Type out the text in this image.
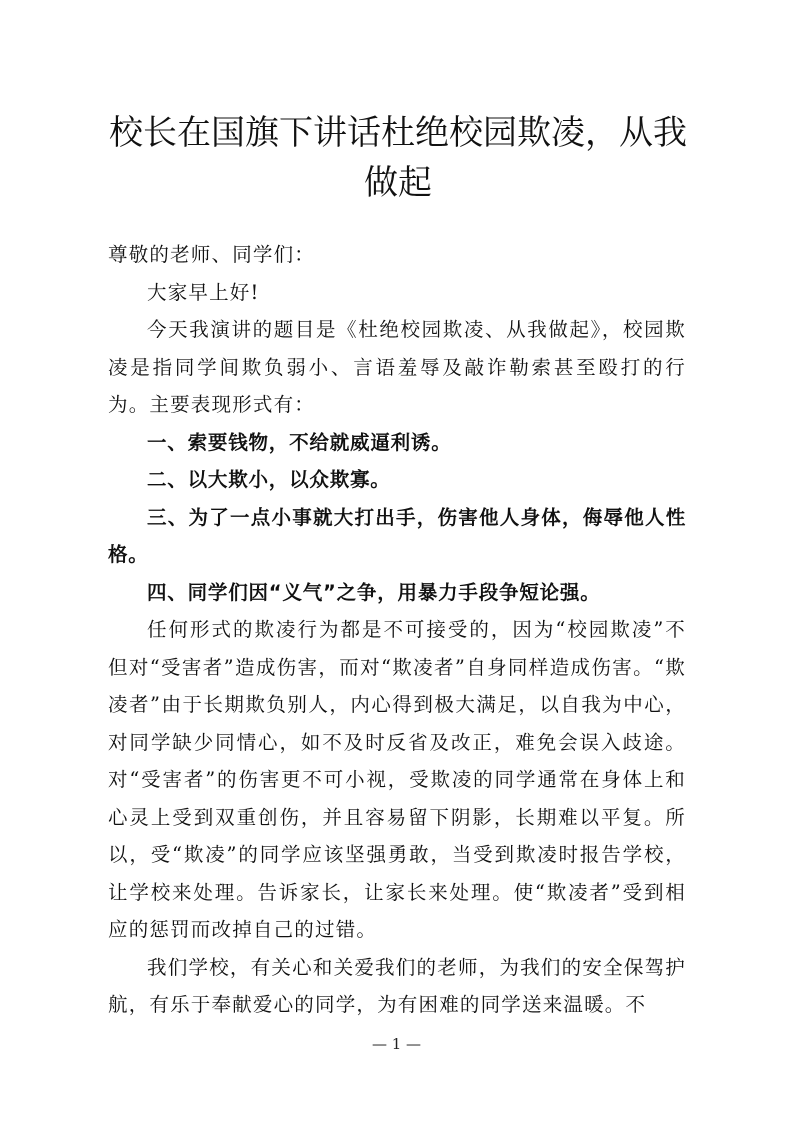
校长在国旗下讲话杜绝校园欺凌，从我做起

尊敬的老师、同学们：

大家早上好!

今天我演讲的题目是《杜绝校园欺凌、从我做起》，校园欺凌是指同学间欺负弱小、言语羞辱及敲诈勒索甚至殴打的行为。主要表现形式有：

一、索要钱物，不给就威逼利诱。

二、以大欺小，以众欺寡。

三、为了一点小事就大打出手，伤害他人身体，侮辱他人性格。

四、同学们因“义气”之争，用暴力手段争短论强。

任何形式的欺凌行为都是不可接受的，因为“校园欺凌”不但对“受害者”造成伤害，而对“欺凌者”自身同样造成伤害。“欺凌者”由于长期欺负别人，内心得到极大满足，以自我为中心，对同学缺少同情心，如不及时反省及改正，难免会误入歧途。对“受害者”的伤害更不可小视，受欺凌的同学通常在身体上和心灵上受到双重创伤，并且容易留下阴影，长期难以平复。所以，受“欺凌”的同学应该坚强勇敢，当受到欺凌时报告学校，让学校来处理。告诉家长，让家长来处理。使“欺凌者”受到相应的惩罚而改掉自己的过错。

我们学校，有关心和关爱我们的老师，为我们的安全保驾护航，有乐于奉献爱心的同学，为有困难的同学送来温暖。不

— 1 —
